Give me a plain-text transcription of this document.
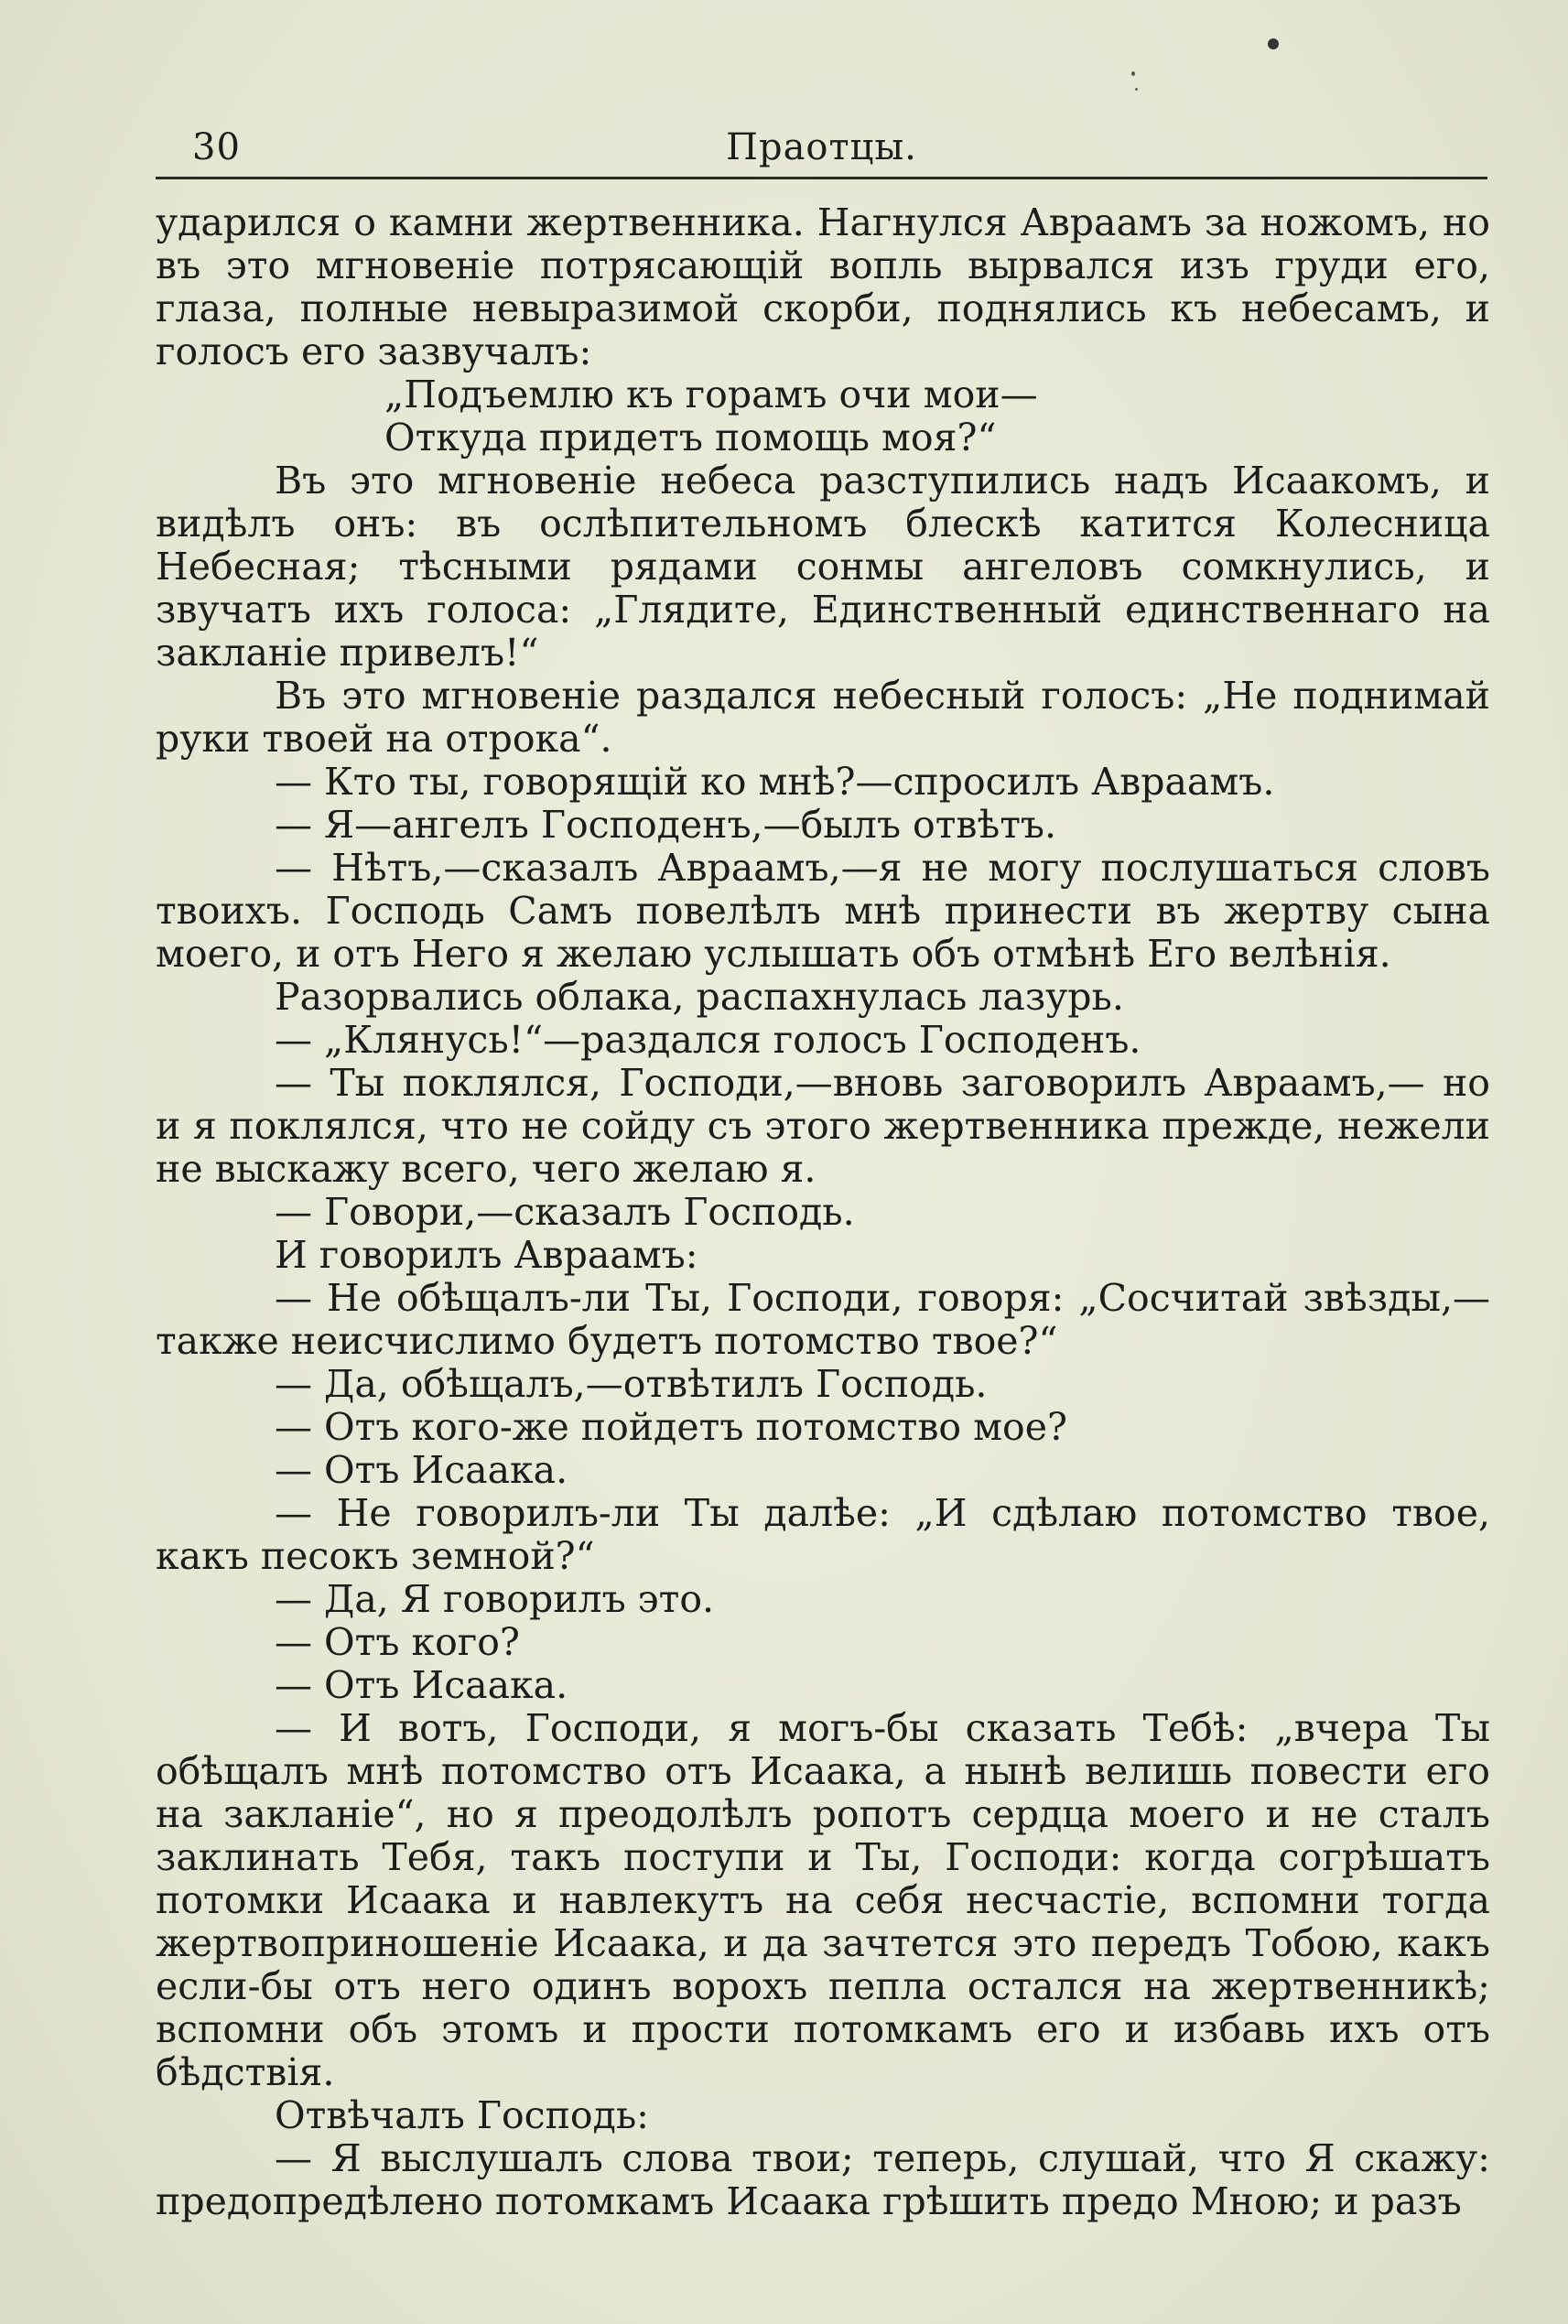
30	Праотцы.

ударился о камни жертвенника. Нагнулся Авраамъ за ножомъ, но въ это мгновеніе потрясающій вопль вырвался изъ груди его, глаза, полные невыразимой скорби, поднялись къ небесамъ, и голосъ его зазвучалъ:

„Подъемлю къ горамъ очи мои—

Откуда придетъ помощь моя?“

Въ это мгновеніе небеса разступились надъ Исаакомъ, и видѣлъ онъ: въ ослѣпительномъ блескѣ катится Колесница Небесная; тѣсными рядами сонмы ангеловъ сомкнулись, и звучатъ ихъ голоса: „Глядите, Единственный единственнаго на закланіе привелъ!“

Въ это мгновеніе раздался небесный голосъ: „Не поднимай руки твоей на отрока“.

— Кто ты, говорящій ко мнѣ?—спросилъ Авраамъ.

— Я—ангелъ Господенъ,—былъ отвѣтъ.

— Нѣтъ,—сказалъ Авраамъ,—я не могу послушаться словъ твоихъ. Господь Самъ повелѣлъ мнѣ принести въ жертву сына моего, и отъ Него я желаю услышать объ отмѣнѣ Его велѣнія.

Разорвались облака, распахнулась лазурь.

— „Клянусь!“—раздался голосъ Господенъ.

— Ты поклялся, Господи,—вновь заговорилъ Авраамъ,— но и я поклялся, что не сойду съ этого жертвенника прежде, нежели не выскажу всего, чего желаю я.

— Говори,—сказалъ Господь.

И говорилъ Авраамъ:

— Не обѣщалъ-ли Ты, Господи, говоря: „Сосчитай звѣзды,— также неисчислимо будетъ потомство твое?“

— Да, обѣщалъ,—отвѣтилъ Господь.

— Отъ кого-же пойдетъ потомство мое?

— Отъ Исаака.

— Не говорилъ-ли Ты далѣе: „И сдѣлаю потомство твое, какъ песокъ земной?“

— Да, Я говорилъ это.

— Отъ кого?

— Отъ Исаака.

— И вотъ, Господи, я могъ-бы сказать Тебѣ: „вчера Ты обѣщалъ мнѣ потомство отъ Исаака, а нынѣ велишь повести его на закланіе“, но я преодолѣлъ ропотъ сердца моего и не сталъ заклинать Тебя, такъ поступи и Ты, Господи: когда согрѣшатъ потомки Исаака и навлекутъ на себя несчастіе, вспомни тогда жертвоприношеніе Исаака, и да зачтется это передъ Тобою, какъ если-бы отъ него одинъ ворохъ пепла остался на жертвенникѣ; вспомни объ этомъ и прости потомкамъ его и избавь ихъ отъ бѣдствія.

Отвѣчалъ Господь:

— Я выслушалъ слова твои; теперь, слушай, что Я скажу: предопредѣлено потомкамъ Исаака грѣшить предо Мною; и разъ
